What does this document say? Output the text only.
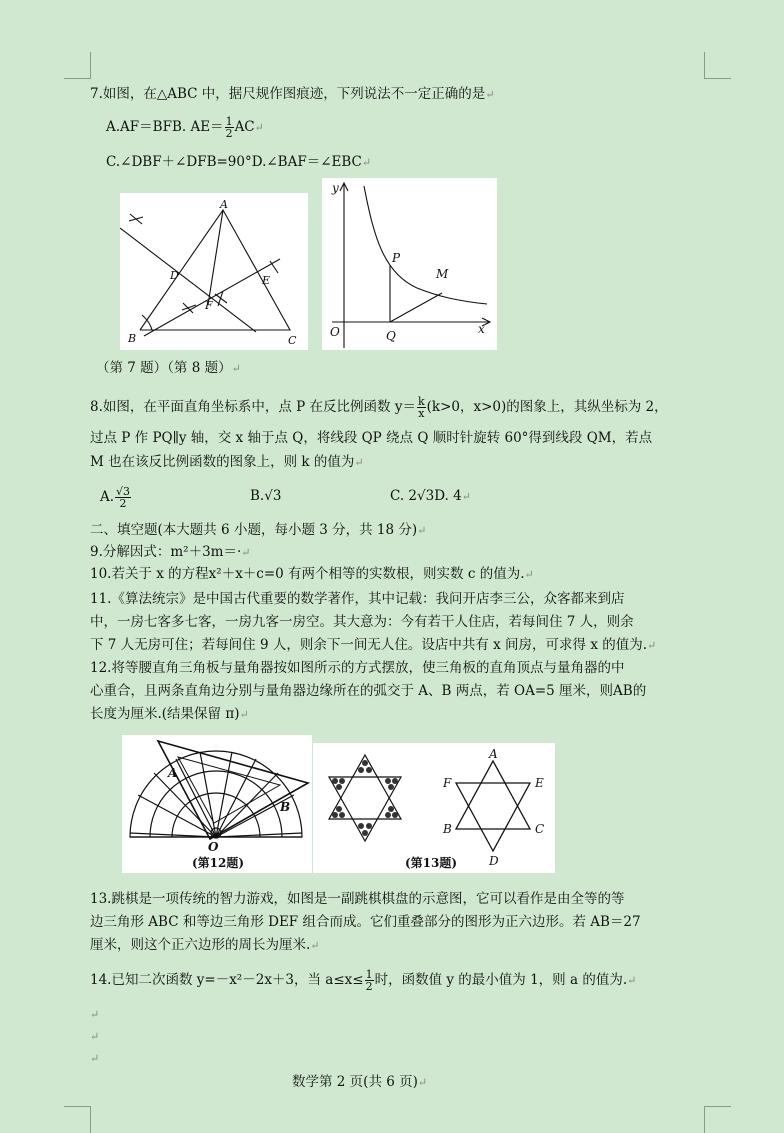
7.如图，在△ABC 中，据尺规作图痕迹，下列说法不一定正确的是↵
A.AF＝BFB. $AE= \frac{1}{2}$ AC↵
C.∠DBF＋∠DFB=90°D.∠BAF＝∠EBC↵
A
B	C
D	E
F
y
x
O
P
Q
M
（第 7 题）（第 8 题）↵
8.如图，在平面直角坐标系中，点 P 在反比例函数 $y= \frac{k}{x} (k>0$，x>0)的图象上，其纵坐标为 2，
过点 P 作 PQ∥y 轴，交 x 轴于点 Q，将线段 QP 绕点 Q 顺时针旋转 60°得到线段 QM，若点
M 也在该反比例函数的图象上，则 k 的值为↵
A. $\frac{√3}{2}$	B.√3	C. 2√3D. 4↵
二、填空题(本大题共 6 小题，每小题 3 分，共 18 分)↵
9.分解因式：m²＋3m＝·↵
10.若关于 x 的方程x²＋x＋c=0 有两个相等的实数根，则实数 c 的值为.↵
11.《算法统宗》是中国古代重要的数学著作，其中记载：我问开店李三公，众客都来到店
中，一房七客多七客，一房九客一房空。其大意为：今有若干人住店，若每间住 7 人，则余
下 7 人无房可住；若每间住 9 人，则余下一间无人住。设店中共有 x 间房，可求得 x 的值为.↵
12.将等腰直角三角板与量角器按如图所示的方式摆放，使三角板的直角顶点与量角器的中
心重合，且两条直角边分别与量角器边缘所在的弧交于 A、B 两点，若 OA=5 厘米，则AB的
长度为厘米.(结果保留 π)↵
A
B
O
(第12题)
A
E
F
B	C
D
(第13题)
13.跳棋是一项传统的智力游戏，如图是一副跳棋棋盘的示意图，它可以看作是由全等的等
边三角形 ABC 和等边三角形 DEF 组合而成。它们重叠部分的图形为正六边形。若 AB＝27
厘米，则这个正六边形的周长为厘米.↵
14.已知二次函数 y=－x²－2x＋3，当 $a\le x\le \frac{1}{2}$ 时，函数值 y 的最小值为 1，则 a 的值为.↵
↵
↵
↵
数学第 2 页(共 6 页)↵
